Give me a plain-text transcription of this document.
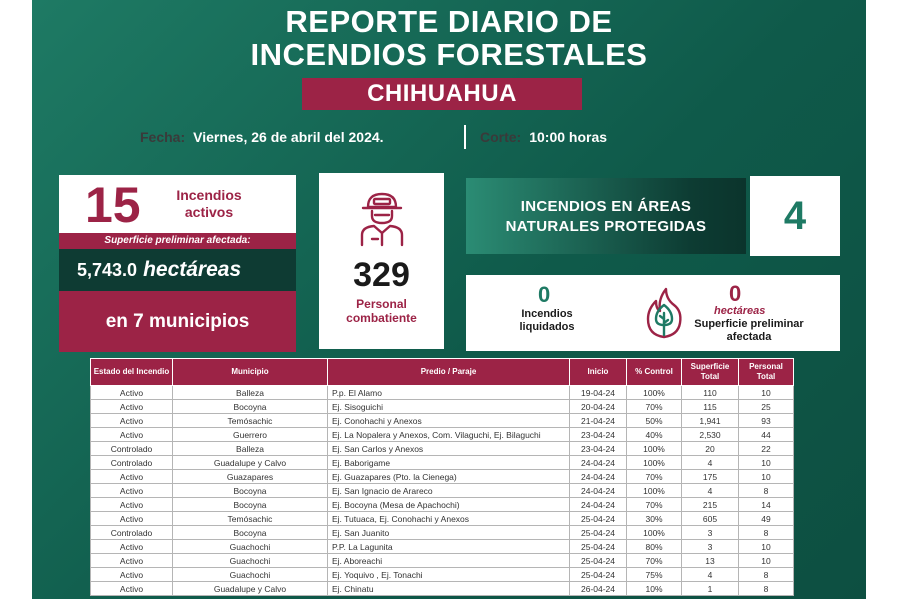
REPORTE DIARIO DE
INCENDIOS FORESTALES
CHIHUAHUA
Fecha: Viernes, 26 de abril del 2024.	Corte: 10:00 horas
15	Incendios activos
Superficie preliminar afectada:
5,743.0 hectáreas
en 7 municipios
329
Personal
combatiente
INCENDIOS EN ÁREAS
NATURALES PROTEGIDAS	4
0
Incendios
liquidados
0
hectáreas
Superficie preliminar
afectada
Estado del Incendio	Municipio	Predio / Paraje	Inicio	% Control	Superficie Total	Personal Total
Activo	Balleza	P.p. El Alamo	19-04-24	100%	110	10
Activo	Bocoyna	Ej. Sisoguichi	20-04-24	70%	115	25
Activo	Temósachic	Ej. Conohachi y Anexos	21-04-24	50%	1,941	93
Activo	Guerrero	Ej. La Nopalera y Anexos, Com. Vilaguchi, Ej. Bilaguchi	23-04-24	40%	2,530	44
Controlado	Balleza	Ej. San Carlos y Anexos	23-04-24	100%	20	22
Controlado	Guadalupe y Calvo	Ej. Baborigame	24-04-24	100%	4	10
Activo	Guazapares	Ej. Guazapares (Pto. la Cienega)	24-04-24	70%	175	10
Activo	Bocoyna	Ej. San Ignacio de Arareco	24-04-24	100%	4	8
Activo	Bocoyna	Ej. Bocoyna (Mesa de Apachochi)	24-04-24	70%	215	14
Activo	Temósachic	Ej. Tutuaca, Ej. Conohachi y Anexos	25-04-24	30%	605	49
Controlado	Bocoyna	Ej. San Juanito	25-04-24	100%	3	8
Activo	Guachochi	P.P. La Lagunita	25-04-24	80%	3	10
Activo	Guachochi	Ej. Aboreachi	25-04-24	70%	13	10
Activo	Guachochi	Ej. Yoquivo , Ej. Tonachi	25-04-24	75%	4	8
Activo	Guadalupe y Calvo	Ej. Chinatu	26-04-24	10%	1	8
